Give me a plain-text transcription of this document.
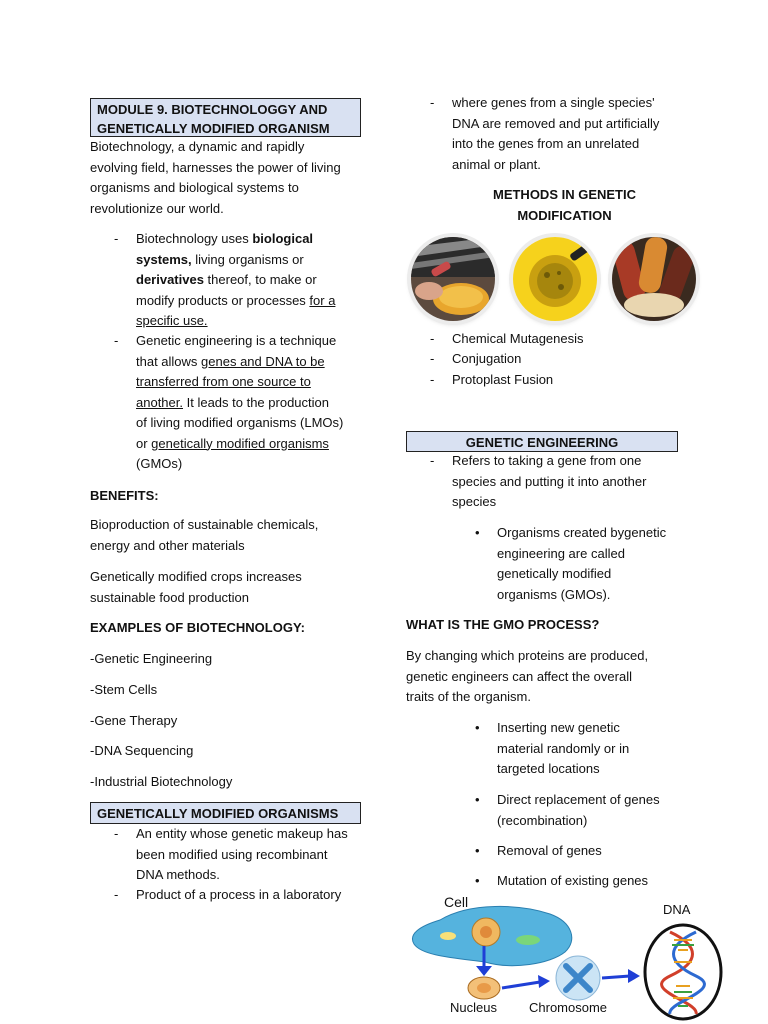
MODULE 9. BIOTECHNOLOGGY AND
GENETICALLY MODIFIED ORGANISM
Biotechnology, a dynamic and rapidly
evolving field, harnesses the power of living
organisms and biological systems to
revolutionize our world.
- Biotechnology uses biological
systems, living organisms or
derivatives thereof, to make or
modify products or processes for a
specific use.
- Genetic engineering is a technique
that allows genes and DNA to be
transferred from one source to
another. It leads to the production
of living modified organisms (LMOs)
or genetically modified organisms
(GMOs)
BENEFITS:
Bioproduction of sustainable chemicals,
energy and other materials
Genetically modified crops increases
sustainable food production
EXAMPLES OF BIOTECHNOLOGY:
-Genetic Engineering
-Stem Cells
-Gene Therapy
-DNA Sequencing
-Industrial Biotechnology
GENETICALLY MODIFIED ORGANISMS
- An entity whose genetic makeup has
been modified using recombinant
DNA methods.
- Product of a process in a laboratory
- where genes from a single species'
DNA are removed and put artificially
into the genes from an unrelated
animal or plant.
METHODS IN GENETIC
MODIFICATION
- Chemical Mutagenesis
- Conjugation
- Protoplast Fusion
GENETIC ENGINEERING
- Refers to taking a gene from one
species and putting it into another
species
• Organisms created bygenetic
engineering are called
genetically modified
organisms (GMOs).
WHAT IS THE GMO PROCESS?
By changing which proteins are produced,
genetic engineers can affect the overall
traits of the organism.
• Inserting new genetic
material randomly or in
targeted locations
• Direct replacement of genes
(recombination)
• Removal of genes
• Mutation of existing genes
Cell	DNA
Nucleus Chromosome
